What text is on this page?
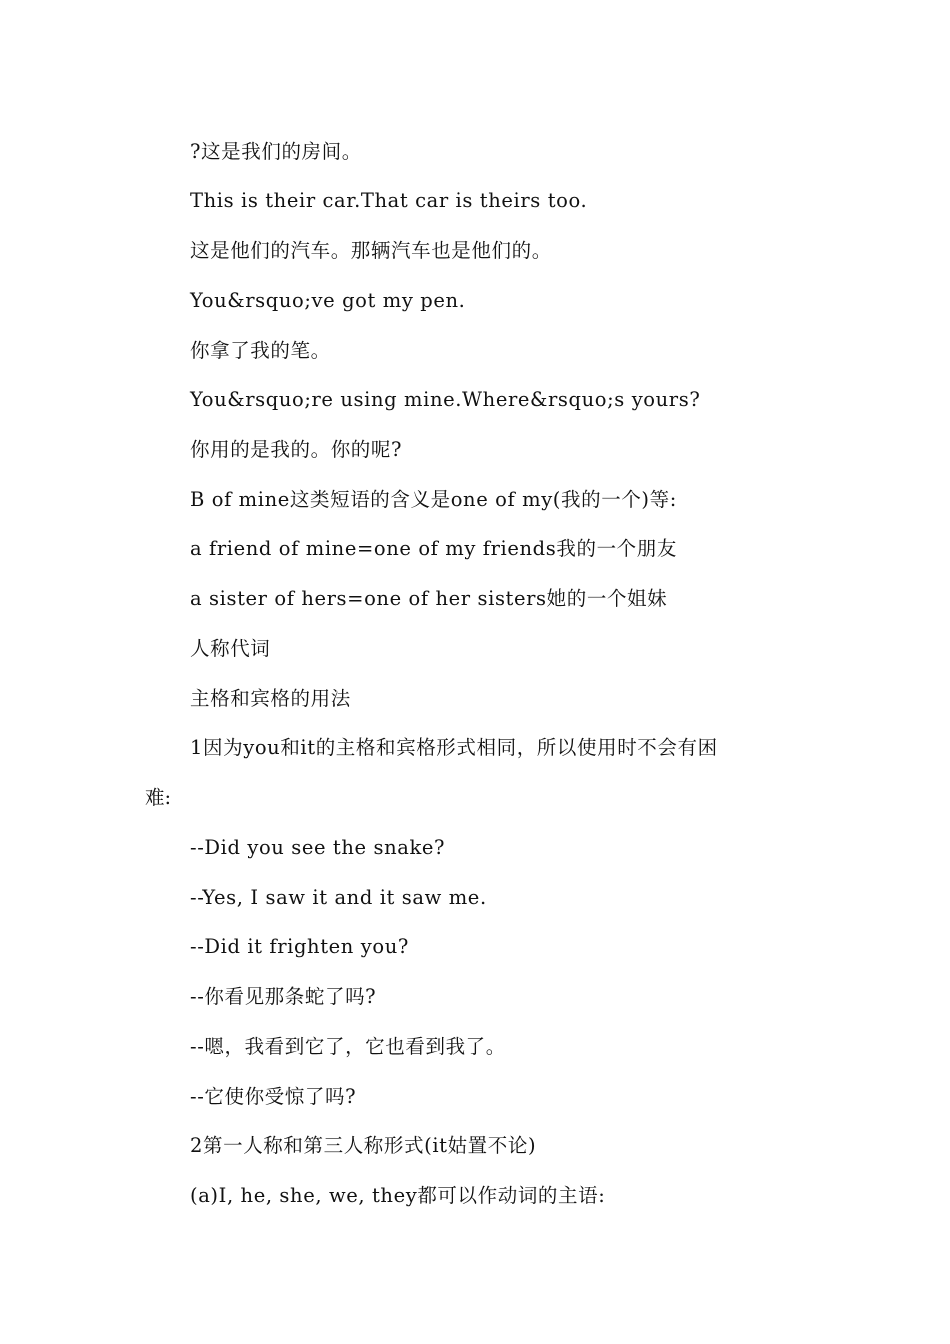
?这是我们的房间。
This is their car.That car is theirs too.
这是他们的汽车。那辆汽车也是他们的。
You&rsquo;ve got my pen.
你拿了我的笔。
You&rsquo;re using mine.Where&rsquo;s yours?
你用的是我的。你的呢?
B of mine这类短语的含义是one of my(我的一个)等:
a friend of mine=one of my friends我的一个朋友
a sister of hers=one of her sisters她的一个姐妹
人称代词
主格和宾格的用法
1因为you和it的主格和宾格形式相同，所以使用时不会有困
难:
--Did you see the snake?
--Yes, I saw it and it saw me.
--Did it frighten you?
--你看见那条蛇了吗?
--嗯，我看到它了，它也看到我了。
--它使你受惊了吗?
2第一人称和第三人称形式(it姑置不论)
(a)I, he, she, we, they都可以作动词的主语:
